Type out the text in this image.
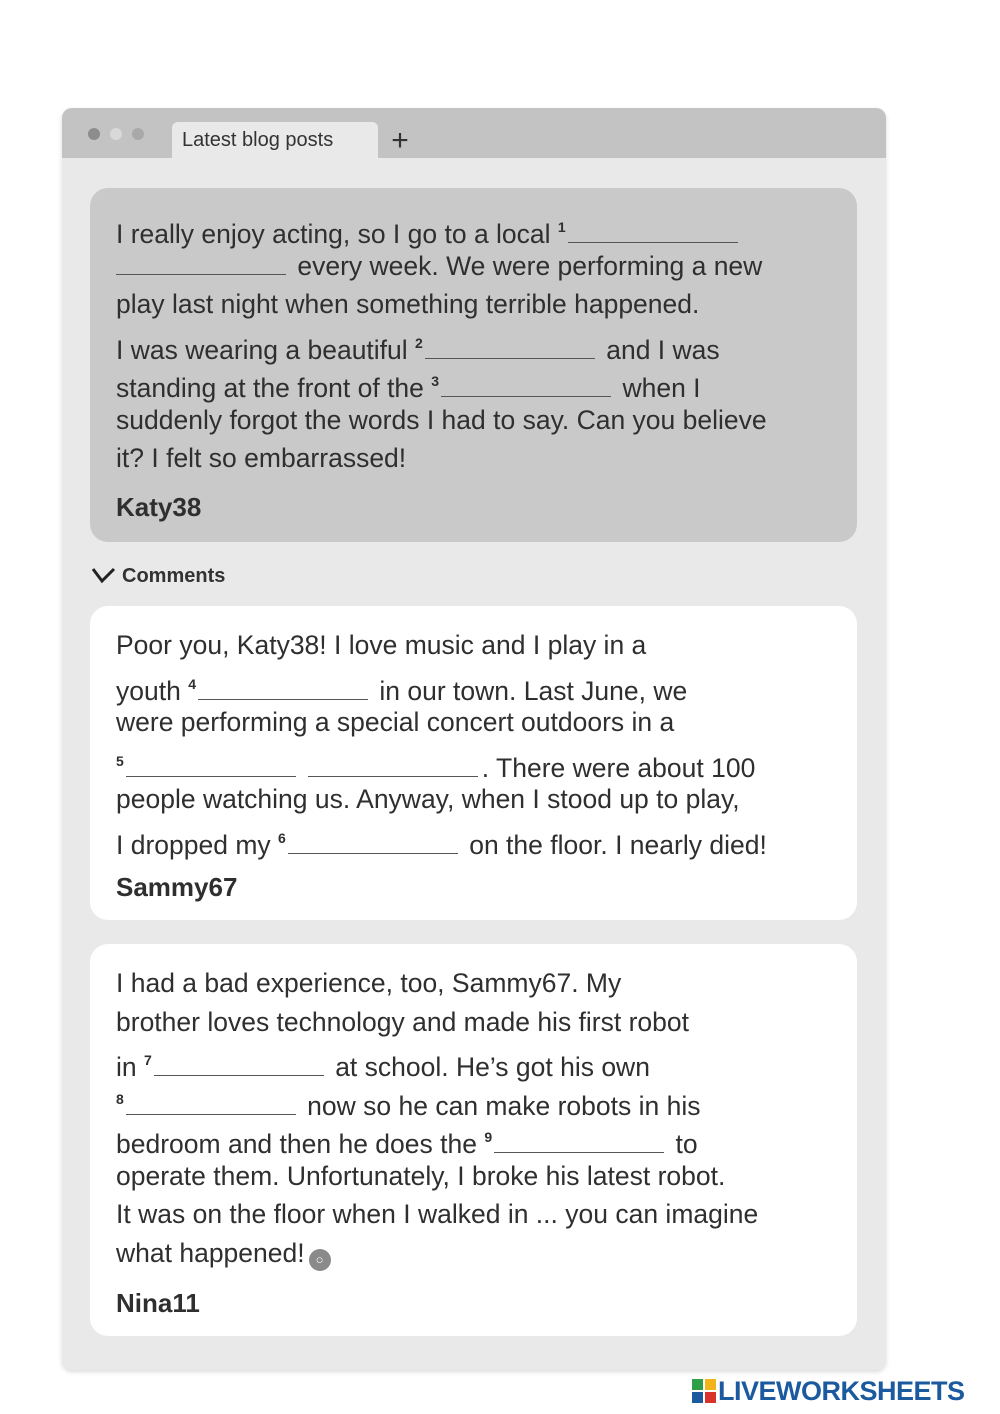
Latest blog posts	+
I really enjoy acting, so I go to a local $^1$
every week. We were performing a new
play last night when something terrible happened.
I was wearing a beautiful $^2$	and I was
standing at the front of the $^3$	when I
suddenly forgot the words I had to say. Can you believe
it? I felt so embarrassed!
Katy38
Comments
Poor you, Katy38! I love music and I play in a
youth $^4$	in our town. Last June, we
were performing a special concert outdoors in a
$^5$	. There were about 100
people watching us. Anyway, when I stood up to play,
I dropped my $^6$	on the floor. I nearly died!
Sammy67
I had a bad experience, too, Sammy67. My
brother loves technology and made his first robot
in $^7$	at school. He’s got his own
$^8$	now so he can make robots in his
bedroom and then he does the $^9$	to
operate them. Unfortunately, I broke his latest robot.
It was on the floor when I walked in ... you can imagine
what happened! ○
Nina11
LIVEWORKSHEETS
